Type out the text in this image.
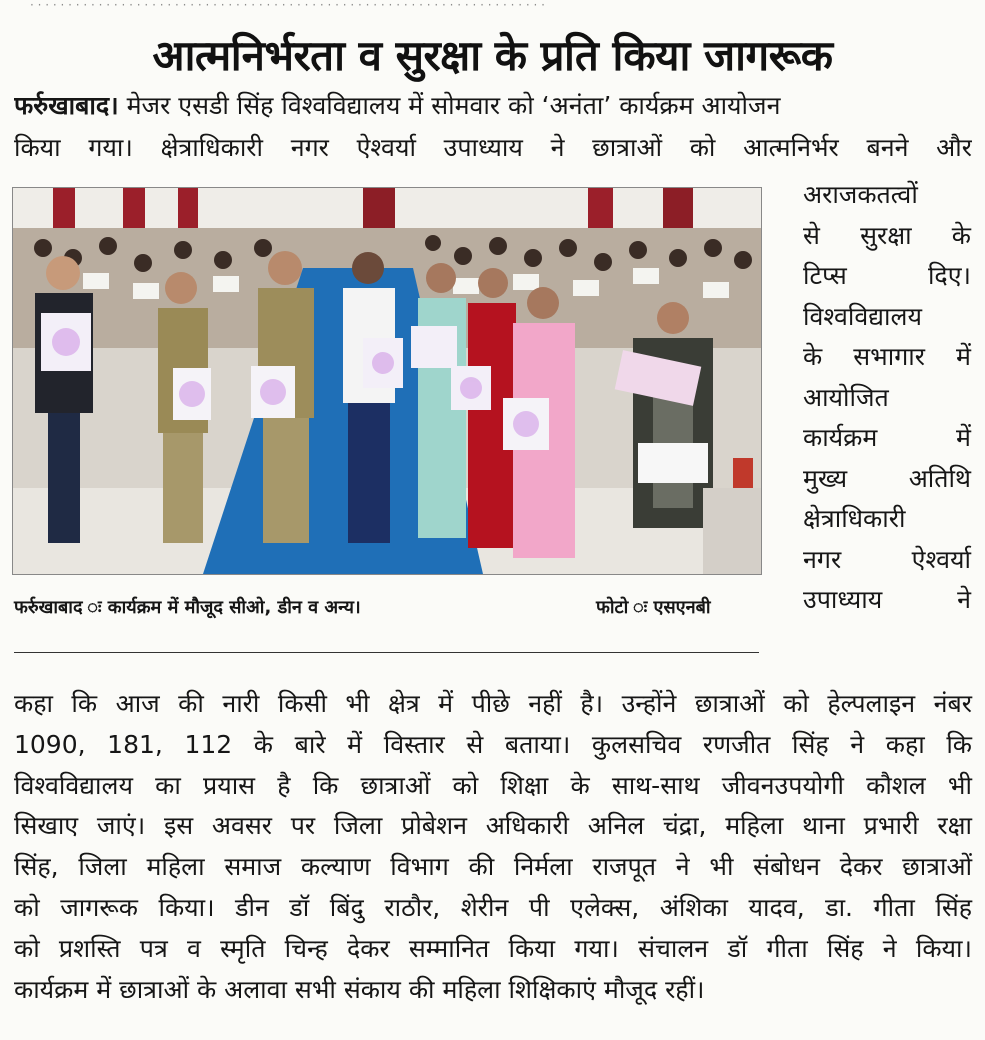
· · · · · · · · · · · · · · · · · · · · · · · · · · · · · · · · · · · · · · · · · · · · · · · · · · · · · · · · · · · · · · · · · · · ·
आत्मनिर्भरता व सुरक्षा के प्रति किया जागरूक
फर्रुखाबाद। मेजर एसडी सिंह विश्वविद्यालय में सोमवार को ‘अनंता’ कार्यक्रम आयोजन
किया गया। क्षेत्राधिकारी नगर ऐश्वर्या उपाध्याय ने छात्राओं को आत्मनिर्भर बनने और
फर्रुखाबाद ः कार्यक्रम में मौजूद सीओ, डीन व अन्य।	फोटो ः एसएनबी
अराजकतत्वों
से सुरक्षा के
टिप्स दिए।
विश्वविद्यालय
के सभागार में
आयोजित
कार्यक्रम में
मुख्य अतिथि
क्षेत्राधिकारी
नगर ऐश्वर्या
उपाध्याय ने
कहा कि आज की नारी किसी भी क्षेत्र में पीछे नहीं है। उन्होंने छात्राओं को हेल्पलाइन नंबर
1090, 181, 112 के बारे में विस्तार से बताया। कुलसचिव रणजीत सिंह ने कहा कि
विश्वविद्यालय का प्रयास है कि छात्राओं को शिक्षा के साथ-साथ जीवनउपयोगी कौशल भी
सिखाए जाएं। इस अवसर पर जिला प्रोबेशन अधिकारी अनिल चंद्रा, महिला थाना प्रभारी रक्षा
सिंह, जिला महिला समाज कल्याण विभाग की निर्मला राजपूत ने भी संबोधन देकर छात्राओं
को जागरूक किया। डीन डॉ बिंदु राठौर, शेरीन पी एलेक्स, अंशिका यादव, डा. गीता सिंह
को प्रशस्ति पत्र व स्मृति चिन्ह देकर सम्मानित किया गया। संचालन डॉ गीता सिंह ने किया।
कार्यक्रम में छात्राओं के अलावा सभी संकाय की महिला शिक्षिकाएं मौजूद रहीं।
